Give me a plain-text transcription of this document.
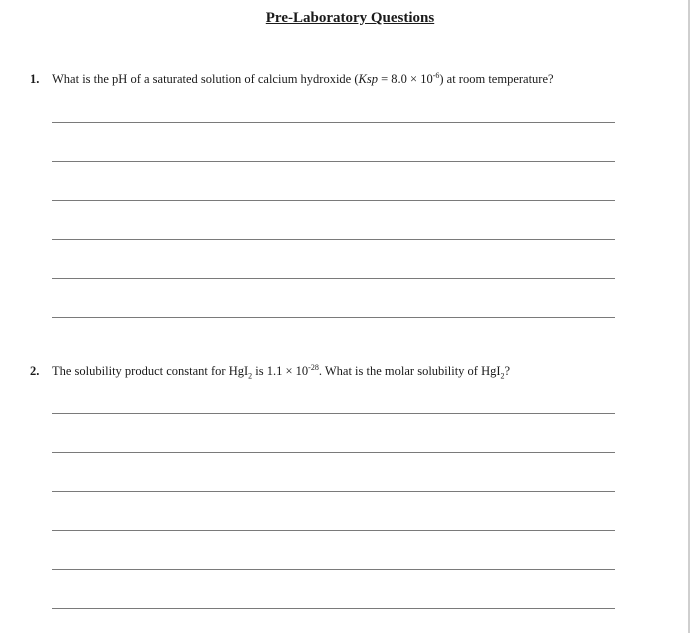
Pre-Laboratory Questions
1. What is the pH of a saturated solution of calcium hydroxide $(Ksp = 8.0 \times 10^{-6})$ at room temperature?
2. The solubility product constant for HgI$_2$ is $1.1 \times 10^{-28}$. What is the molar solubility of HgI$_2$?
